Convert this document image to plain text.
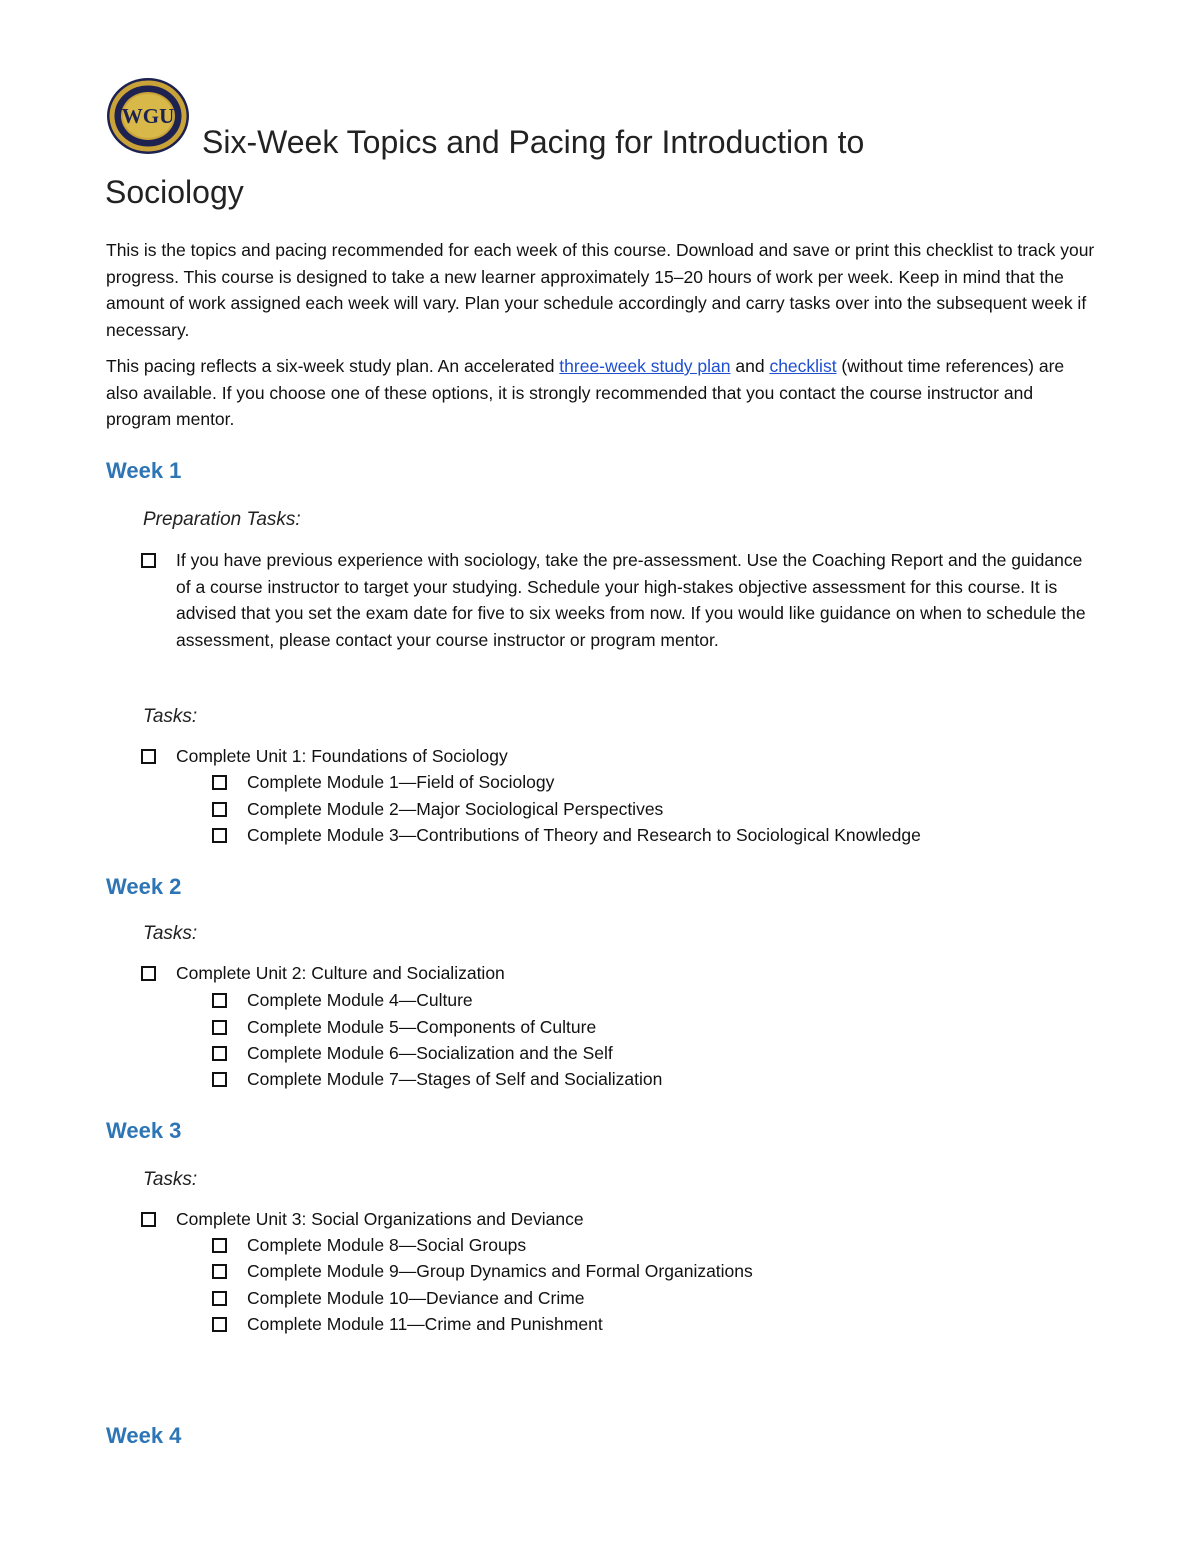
WGU
Six-Week Topics and Pacing for Introduction to
Sociology
This is the topics and pacing recommended for each week of this course. Download and save or print this checklist to track your progress. This course is designed to take a new learner approximately 15–20 hours of work per week. Keep in mind that the amount of work assigned each week will vary. Plan your schedule accordingly and carry tasks over into the subsequent week if necessary.
This pacing reflects a six-week study plan. An accelerated three-week study plan and checklist (without time references) are also available. If you choose one of these options, it is strongly recommended that you contact the course instructor and program mentor.
Week 1
Preparation Tasks:
If you have previous experience with sociology, take the pre-assessment. Use the Coaching Report and the guidance of a course instructor to target your studying. Schedule your high-stakes objective assessment for this course. It is advised that you set the exam date for five to six weeks from now. If you would like guidance on when to schedule the assessment, please contact your course instructor or program mentor.
Tasks:
Complete Unit 1: Foundations of Sociology
Complete Module 1—Field of Sociology
Complete Module 2—Major Sociological Perspectives
Complete Module 3—Contributions of Theory and Research to Sociological Knowledge
Week 2
Tasks:
Complete Unit 2: Culture and Socialization
Complete Module 4—Culture
Complete Module 5—Components of Culture
Complete Module 6—Socialization and the Self
Complete Module 7—Stages of Self and Socialization
Week 3
Tasks:
Complete Unit 3: Social Organizations and Deviance
Complete Module 8—Social Groups
Complete Module 9—Group Dynamics and Formal Organizations
Complete Module 10—Deviance and Crime
Complete Module 11—Crime and Punishment
Week 4
